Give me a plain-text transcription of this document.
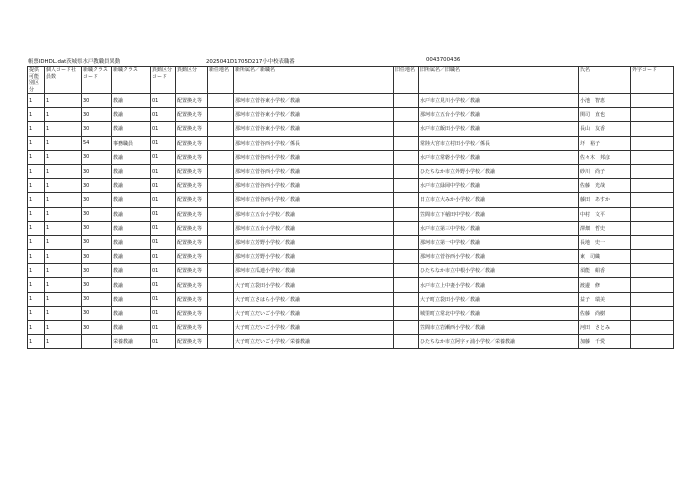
帳票IDHDL.dat茨城県水戸教職員異動	2025041D1705D217小中校表職番	0043700436
提供可能別区分	個人コード社員数	新職クラスコード	新職クラス	異動区分コード	異動区分	新任地名	新所属名／新職名	旧任地名	旧所属名／旧職名	氏名	外字コード
1	1	30	教諭	01	配置換え等		那珂市立菅谷東小学校／教諭		水戸市立見川小学校／教諭	小池　智恵	
1	1	30	教諭	01	配置換え等		那珂市立菅谷東小学校／教諭		那珂市立五台小学校／教諭	関司　直也	
1	1	30	教諭	01	配置換え等		那珂市立菅谷東小学校／教諭		水戸市立飯田小学校／教諭	長山　友香	
1	1	54	事務職員	01	配置換え等		那珂市立菅谷西小学校／係長		常陸大宮市立村田小学校／係長	圷　裕子	
1	1	30	教諭	01	配置換え等		那珂市立菅谷西小学校／教諭		水戸市立常磐小学校／教諭	佐々木　邦彦	
1	1	30	教諭	01	配置換え等		那珂市立菅谷西小学校／教諭		ひたちなか市立外野小学校／教諭	砂川　尚子	
1	1	30	教諭	01	配置換え等		那珂市立菅谷西小学校／教諭		水戸市立緑岡中学校／教諭	佐藤　光哉	
1	1	30	教諭	01	配置換え等		那珂市立菅谷西小学校／教諭		日立市立大みか小学校／教諭	藤田　あすか	
1	1	30	教諭	01	配置換え等		那珂市立五台小学校／教諭		笠間市立下稲田中学校／教諭	中村　文平	
1	1	30	教諭	01	配置換え等		那珂市立五台小学校／教諭		水戸市立第三中学校／教諭	澤畑　哲史	
1	1	30	教諭	01	配置換え等		那珂市立芳野小学校／教諭		那珂市立第一中学校／教諭	長地　史一	
1	1	30	教諭	01	配置換え等		那珂市立芳野小学校／教諭		那珂市立菅谷西小学校／教諭	東　司織	
1	1	30	教諭	01	配置換え等		那珂市立瓜連小学校／教諭		ひたちなか市立中根小学校／教諭	須能　絹香	
1	1	30	教諭	01	配置換え等		大子町立袋田小学校／教諭		水戸市立上中妻小学校／教諭	渡邊　修	
1	1	30	教諭	01	配置換え等		大子町立さはら小学校／教諭		大子町立袋田小学校／教諭	益子　瑞美	
1	1	30	教諭	01	配置換え等		大子町立だいご小学校／教諭		城里町立常北中学校／教諭	佐藤　尚樹	
1	1	30	教諭	01	配置換え等		大子町立だいご小学校／教諭		笠間市立岩瀬西小学校／教諭	河田　さとみ	
1	1		栄養教諭	01	配置換え等		大子町立だいご小学校／栄養教諭		ひたちなか市立阿字ヶ浦小学校／栄養教諭	加藤　千愛	
